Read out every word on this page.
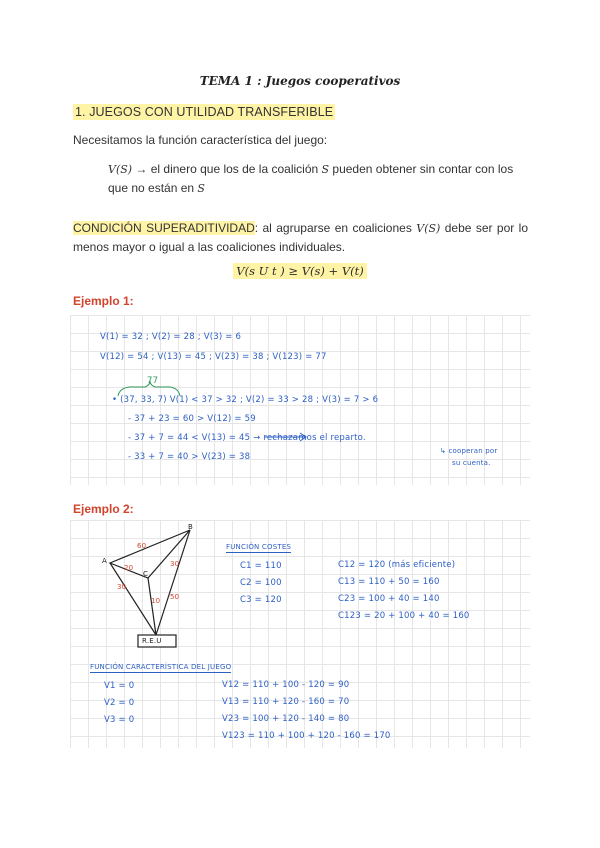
TEMA 1 : Juegos cooperativos
1. JUEGOS CON UTILIDAD TRANSFERIBLE
Necesitamos la función característica del juego:
V(S) → el dinero que los de la coalición S pueden obtener sin contar con los que no están en S
CONDICIÓN SUPERADITIVIDAD: al agruparse en coaliciones V(S) debe ser por lo menos mayor o igual a las coaliciones individuales.
V(s U t ) ≥ V(s) + V(t)
Ejemplo 1:
V(1) = 32 ; V(2) = 28 ; V(3) = 6
V(12) = 54 ; V(13) = 45 ; V(23) = 38 ; V(123) = 77
77
• (37, 33, 7) V(1) < 37 > 32 ; V(2) = 33 > 28 ; V(3) = 7 > 6
- 37 + 23 = 60 > V(12) = 59
- 37 + 7 = 44 < V(13) = 45 → rechazamos el reparto.
- 33 + 7 = 40 > V(23) = 38
↳ cooperan por
su cuenta.
Ejemplo 2:
A
B
C
R.E.U
60
30
20	30
10 50
FUNCIÓN COSTES
C1 = 110
C2 = 100
C3 = 120
C12 = 120 (más eficiente)
C13 = 110 + 50 = 160
C23 = 100 + 40 = 140
C123 = 20 + 100 + 40 = 160
FUNCIÓN CARACTERÍSTICA DEL JUEGO
V1 = 0
V2 = 0
V3 = 0
V12 = 110 + 100 - 120 = 90
V13 = 110 + 120 - 160 = 70
V23 = 100 + 120 - 140 = 80
V123 = 110 + 100 + 120 - 160 = 170
